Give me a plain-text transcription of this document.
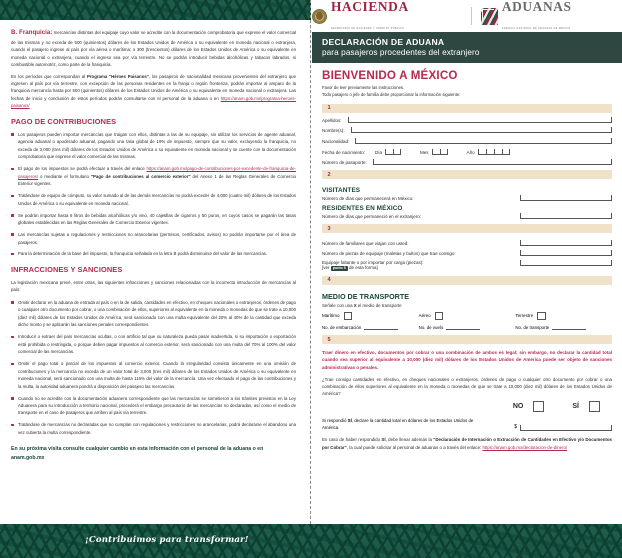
B. Franquicia: mercancías distintas del equipaje cuyo valor se acredite con la documentación comprobatoria que exprese el valor comercial de las mismas y no exceda de 500 (quinientos) dólares de los Estados Unidos de América o su equivalente en moneda nacional o extranjera, cuando el pasajero ingrese al país por vía aérea o marítima; o 300 (trescientos) dólares de los Estados Unidos de América o su equivalente en moneda nacional o extranjera, cuando el ingreso sea por vía terrestre. No se podrán introducir bebidas alcohólicas y tabacos labrados, ni combustible automotriz, como parte de la franquicia.

En los períodos que correspondan al Programa "Héroes Paisanos", los pasajeros de nacionalidad mexicana provenientes del extranjero que ingresen al país por vía terrestre, con excepción de las personas residentes en la franja o región fronteriza, podrán importar al amparo de la franquicia mercancía hasta por 500 (quinientos) dólares de los Estados Unidos de América o su equivalente en moneda nacional o extranjera. Las fechas de inicio y conclusión de estos períodos podrán consultarse con el personal de la aduana o en https://anam.gob.mx/programa-heroes-paisanos/

PAGO DE CONTRIBUCIONES
Los pasajeros pueden importar mercancías que traigan con ellos, distintas a las de su equipaje, sin utilizar los servicios de agente aduanal, agencia aduanal o apoderado aduanal, pagando una tasa global de 19% de impuesto, siempre que su valor, excluyendo la franquicia, no exceda de 3,000 (tres mil) dólares de los Estados Unidos de América o su equivalente en moneda nacional y se cuente con la documentación comprobatoria que exprese el valor comercial de las mismas.
El pago de los impuestos se podrá efectuar a través del enlace https://anam.gob.mx/pago-de-contribuciones-por-excedente-de-franquicia-de-pasajeros/ o mediante el formulario "Pago de contribuciones al comercio exterior" del Anexo 1 de las Reglas Generales de Comercio Exterior vigentes.
Tratándose de equipo de cómputo, su valor sumado al de las demás mercancías no podrá exceder de 4,000 (cuatro mil) dólares de los Estados Unidos de América o su equivalente en moneda nacional.
Se podrán importar hasta 6 litros de bebidas alcohólicas y/o vino, 40 cajetillas de cigarros y 50 puros, en cuyos casos se pagarán las tasas globales establecidas en las Reglas Generales de Comercio Exterior vigentes.
Las mercancías sujetas a regulaciones y restricciones no arancelarias (permisos, certificados, avisos) no podrán importarse por el área de pasajeros.
Para la determinación de la base del impuesto, la franquicia señalada en la letra B podrá disminuirse del valor de las mercancías.
INFRACCIONES Y SANCIONES

La legislación mexicana prevé, entre otras, las siguientes infracciones y sanciones relacionadas con la incorrecta introducción de mercancías al país:

Omitir declarar en la aduana de entrada al país o en la de salida, cantidades en efectivo, en cheques nacionales o extranjeros, órdenes de pago o cualquier otro documento por cobrar, o una combinación de ellos, superiores al equivalente en la moneda o monedas de que se trate a 10,000 (diez mil) dólares de los Estados Unidos de América, será sancionado con una multa equivalente del 20% al 40% de la cantidad que exceda dicho monto y se aplicarán las sanciones penales correspondientes.
Introducir o extraer del país mercancías ocultas, o con artificio tal que su naturaleza pueda pasar inadvertida, si su importación o exportación está prohibida o restringida, o porque deben pagar impuestos al comercio exterior, será sancionado con una multa del 70% al 100% del valor comercial de las mercancías.
Omitir el pago total o parcial de los impuestos al comercio exterior. Cuando la irregularidad consista únicamente en una omisión de contribuciones y la mercancía no exceda de un valor total de 3,000 (tres mil) dólares de los Estados Unidos de América o su equivalente en moneda nacional, será sancionado con una multa de hasta 116% del valor de la mercancía. Una vez efectuado el pago de las contribuciones y la multa, la autoridad aduanera pondrá a disposición del pasajero las mercancías.
Cuando no se acredite con la documentación aduanera correspondiente que las mercancías se sometieron a los trámites previstos en la Ley Aduanera para su introducción a territorio nacional, procederá el embargo precautorio de las mercancías no declaradas, así como el medio de transporte en el caso de pasajeros que arriben al país vía terrestre.
Tratándose de mercancías no declaradas que no cumplan con regulaciones y restricciones no arancelarias, podrá declararse el abandono una vez cubierta la multa correspondiente.

En su próxima visita consulte cualquier cambio en esta información con el personal de la aduana o en anam.gob.mx

HACIENDA SECRETARÍA DE HACIENDA Y CRÉDITO PÚBLICO
ADUANAS AGENCIA NACIONAL DE ADUANAS DE MÉXICO
DECLARACIÓN DE ADUANA
para pasajeros procedentes del extranjero
BIENVENIDO A MÉXICO
Favor de leer previamente las instrucciones.
Todo pasajero o jefe de familia debe proporcionar la información siguiente:
1
Apellidos:
Nombre(s):
Nacionalidad:
Fecha de nacimiento: Día	Mes	Año
Número de pasaporte:
2
VISITANTES
Número de días que permanecerá en México:
RESIDENTES EN MÉXICO
Número de días que permaneció en el extranjero:
3
Número de familiares que viajan con usted:
Número de piezas de equipaje (maletas y bultos) que trae consigo:
Equipaje faltante o por importar por carga (piezas):
[ver punto 5 de esta forma]
4
MEDIO DE TRANSPORTE
Señale con una X el medio de transporte
Marítimo
No. de embarcación
Aéreo
No. de vuelo
Terrestre
No. de transporte
5

Traer dinero en efectivo, documentos por cobrar o una combinación de ambos es legal; sin embargo, no declarar la cantidad total cuando sea superior al equivalente a 10,000 (diez mil) dólares de los Estados Unidos de América puede ser objeto de sanciones administrativas o penales.

¿Trae consigo cantidades en efectivo, en cheques nacionales o extranjeros, órdenes de pago o cualquier otro documento por cobrar o una combinación de ellos superiores al equivalente en la moneda o monedas de que se trate a 10,000 (diez mil) dólares de los Estados Unidos de América?

NO	SÍ
Si respondió SÍ, declare la cantidad total en dólares de los Estados Unidos de América.	$

En caso de haber respondido SÍ, debe llenar además la "Declaración de Internación o Extracción de Cantidades en Efectivo y/o Documentos por Cobrar", la cual puede solicitar al personal de aduanas o a través del enlace: https://anam.gob.mx/declaracion-de-dinero/

¡Contribuimos para transformar!
